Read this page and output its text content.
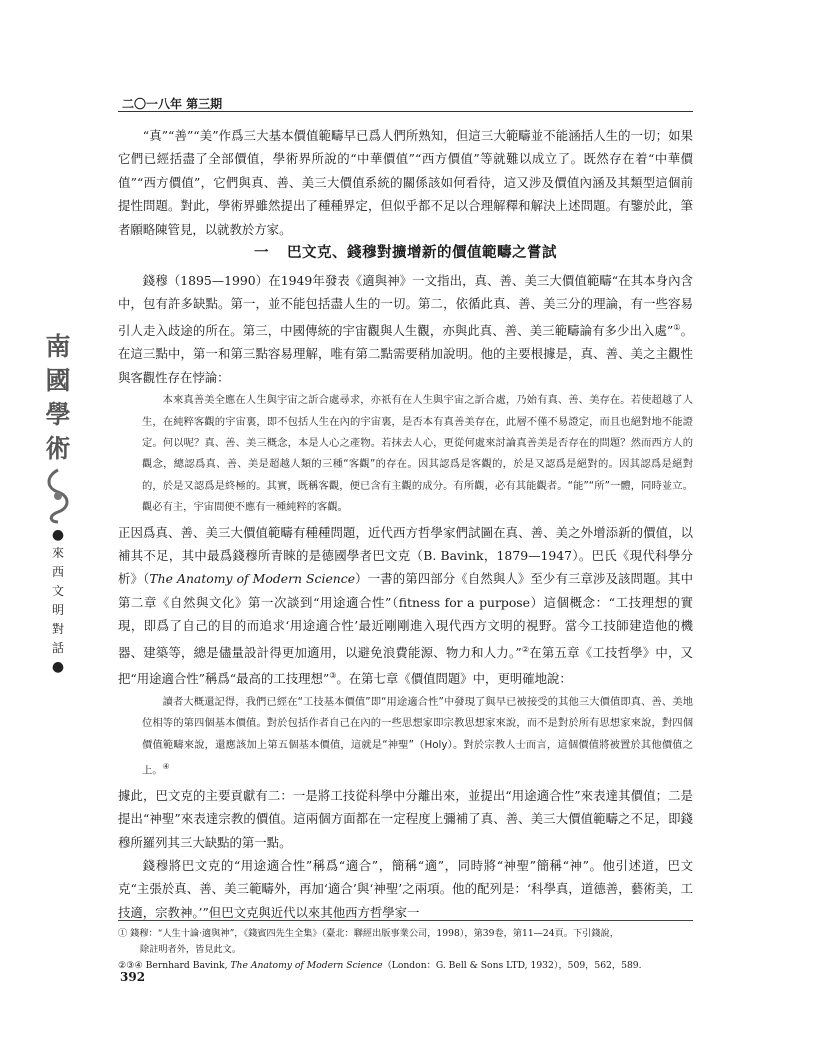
二〇一八年 第三期
南
國
學
術
●
來
西
文
明
對
話
●

“真”“善”“美”作爲三大基本價值範疇早已爲人們所熟知，但這三大範疇並不能涵括人生的一切；如果它們已經括盡了全部價值，學術界所說的“中華價值”“西方價值”等就難以成立了。既然存在着“中華價值”“西方價值”，它們與真、善、美三大價值系統的關係該如何看待，這又涉及價值內涵及其類型這個前提性問題。對此，學術界雖然提出了種種界定，但似乎都不足以合理解釋和解決上述問題。有鑒於此，筆者願略陳管見，以就教於方家。

一 巴文克、錢穆對擴增新的價值範疇之嘗試

錢穆（1895—1990）在1949年發表《適與神》一文指出，真、善、美三大價值範疇“在其本身內含中，包有許多缺點。第一，並不能包括盡人生的一切。第二，依循此真、善、美三分的理論，有一些容易引人走入歧途的所在。第三，中國傳統的宇宙觀與人生觀，亦與此真、善、美三範疇論有多少出入處”①。在這三點中，第一和第三點容易理解，唯有第二點需要稍加說明。他的主要根據是，真、善、美之主觀性與客觀性存在悖論：

本來真善美全應在人生與宇宙之訢合處尋求，亦祇有在人生與宇宙之訢合處，乃始有真、善、美存在。若使超越了人生，在純粹客觀的宇宙裏，即不包括人生在內的宇宙裏，是否本有真善美存在，此層不僅不易證定，而且也絕對地不能證定。何以呢？真、善、美三概念，本是人心之產物。若抹去人心，更從何處來討論真善美是否存在的問題？然而西方人的觀念，總認爲真、善、美是超越人類的三種“客觀”的存在。因其認爲是客觀的，於是又認爲是絕對的。因其認爲是絕對的，於是又認爲是終極的。其實，既稱客觀，便已含有主觀的成分。有所觀，必有其能觀者。“能”“所”一體，同時並立。觀必有主，宇宙間便不應有一種純粹的客觀。

正因爲真、善、美三大價值範疇有種種問題，近代西方哲學家們試圖在真、善、美之外增添新的價值，以補其不足，其中最爲錢穆所青睞的是德國學者巴文克（B. Bavink，1879—1947）。巴氏《現代科學分析》（The Anatomy of Modern Science）一書的第四部分《自然與人》至少有三章涉及該問題。其中第二章《自然與文化》第一次談到“用途適合性”（fitness for a purpose）這個概念：“工技理想的實現，即爲了自己的目的而追求‘用途適合性’最近剛剛進入現代西方文明的視野。當今工技師建造他的機器、建築等，總是儘量設計得更加適用，以避免浪費能源、物力和人力。”②在第五章《工技哲學》中，又把“用途適合性”稱爲“最高的工技理想”③。在第七章《價值問題》中，更明確地說：

讀者大概還記得，我們已經在“工技基本價值”即“用途適合性”中發現了與早已被接受的其他三大價值即真、善、美地位相等的第四個基本價值。對於包括作者自己在內的一些思想家即宗教思想家來說，而不是對於所有思想家來說，對四個價值範疇來說，還應該加上第五個基本價值，這就是“神聖”（Holy）。對於宗教人士而言，這個價值將被置於其他價值之上。④

據此，巴文克的主要貢獻有二：一是將工技從科學中分離出來，並提出“用途適合性”來表達其價值；二是提出“神聖”來表達宗教的價值。這兩個方面都在一定程度上彌補了真、善、美三大價值範疇之不足，即錢穆所羅列其三大缺點的第一點。

錢穆將巴文克的“用途適合性”稱爲“適合”，簡稱“適”，同時將“神聖”簡稱“神”。他引述道，巴文克“主張於真、善、美三範疇外，再加‘適合’與‘神聖’之兩項。他的配列是：‘科學真，道德善，藝術美，工技適，宗教神。’”但巴文克與近代以來其他西方哲學家一

① 錢穆：“人生十論·適與神”，《錢賓四先生全集》（臺北：聯經出版事業公司，1998），第39卷，第11—24頁。下引錢說，
除註明者外，皆見此文。
②③④ Bernhard Bavink, The Anatomy of Modern Science（London：G. Bell & Sons LTD, 1932），509，562，589.
392
